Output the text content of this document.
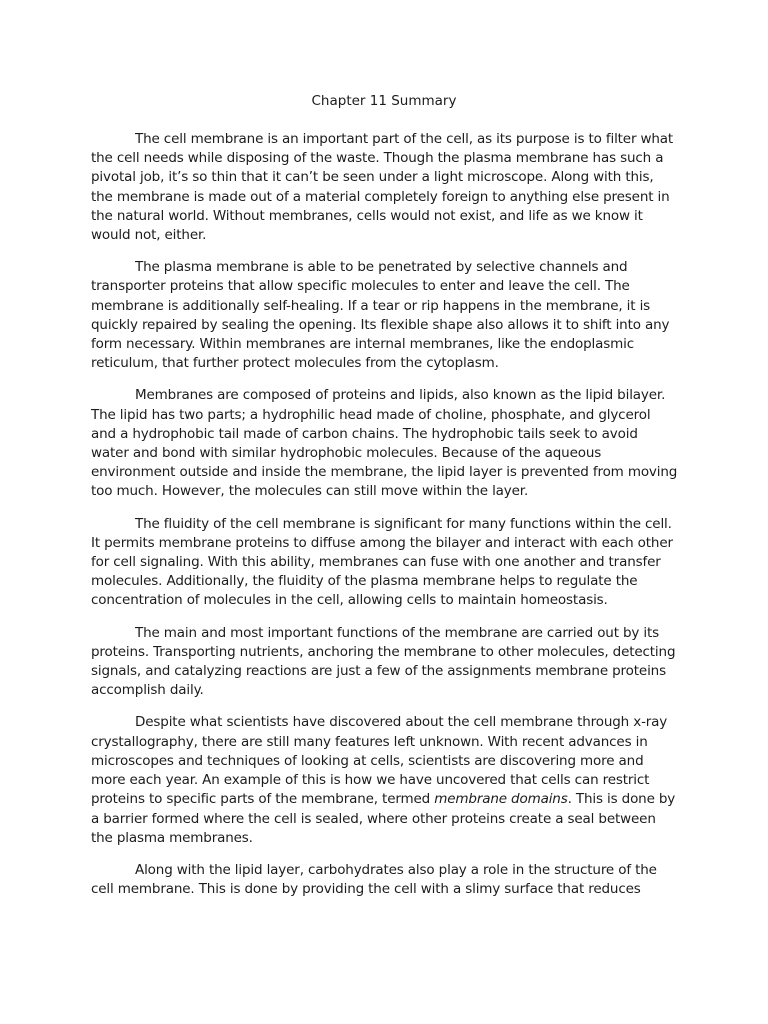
Chapter 11 Summary

The cell membrane is an important part of the cell, as its purpose is to filter what the cell needs while disposing of the waste. Though the plasma membrane has such a pivotal job, it’s so thin that it can’t be seen under a light microscope. Along with this, the membrane is made out of a material completely foreign to anything else present in the natural world. Without membranes, cells would not exist, and life as we know it would not, either.

The plasma membrane is able to be penetrated by selective channels and transporter proteins that allow specific molecules to enter and leave the cell. The membrane is additionally self-healing. If a tear or rip happens in the membrane, it is quickly repaired by sealing the opening. Its flexible shape also allows it to shift into any form necessary. Within membranes are internal membranes, like the endoplasmic reticulum, that further protect molecules from the cytoplasm.

Membranes are composed of proteins and lipids, also known as the lipid bilayer. The lipid has two parts; a hydrophilic head made of choline, phosphate, and glycerol and a hydrophobic tail made of carbon chains. The hydrophobic tails seek to avoid water and bond with similar hydrophobic molecules. Because of the aqueous environment outside and inside the membrane, the lipid layer is prevented from moving too much. However, the molecules can still move within the layer.

The fluidity of the cell membrane is significant for many functions within the cell. It permits membrane proteins to diffuse among the bilayer and interact with each other for cell signaling. With this ability, membranes can fuse with one another and transfer molecules. Additionally, the fluidity of the plasma membrane helps to regulate the concentration of molecules in the cell, allowing cells to maintain homeostasis.

The main and most important functions of the membrane are carried out by its proteins. Transporting nutrients, anchoring the membrane to other molecules, detecting signals, and catalyzing reactions are just a few of the assignments membrane proteins accomplish daily.

Despite what scientists have discovered about the cell membrane through x-ray crystallography, there are still many features left unknown. With recent advances in microscopes and techniques of looking at cells, scientists are discovering more and more each year. An example of this is how we have uncovered that cells can restrict proteins to specific parts of the membrane, termed membrane domains. This is done by a barrier formed where the cell is sealed, where other proteins create a seal between the plasma membranes.

Along with the lipid layer, carbohydrates also play a role in the structure of the cell membrane. This is done by providing the cell with a slimy surface that reduces
